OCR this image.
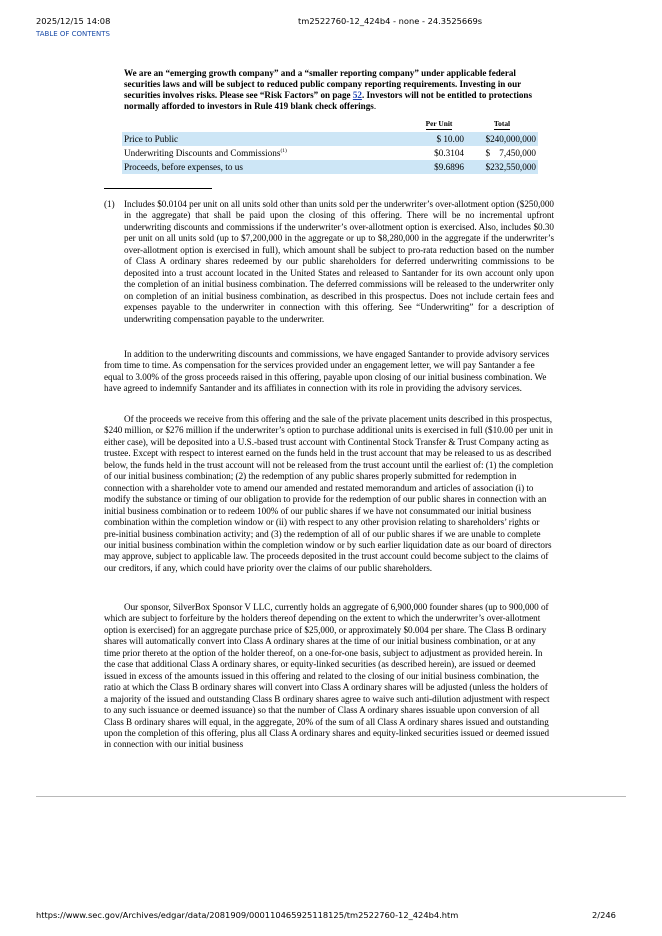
2025/12/15 14:08	tm2522760-12_424b4 - none - 24.3525669s
TABLE OF CONTENTS
We are an “emerging growth company” and a “smaller reporting company” under applicable federal securities laws and will be subject to reduced public company reporting requirements. Investing in our securities involves risks. Please see “Risk Factors” on page 52. Investors will not be entitled to protections normally afforded to investors in Rule 419 blank check offerings.
	Per Unit	Total
Price to Public	$ 10.00	$240,000,000
Underwriting Discounts and Commissions$^{(1)}$	$0.3104	$    7,450,000
Proceeds, before expenses, to us	$9.6896	$232,550,000
(1) Includes $0.0104 per unit on all units sold other than units sold per the underwriter’s over-allotment option ($250,000 in the aggregate) that shall be paid upon the closing of this offering. There will be no incremental upfront underwriting discounts and commissions if the underwriter’s over-allotment option is exercised. Also, includes $0.30 per unit on all units sold (up to $7,200,000 in the aggregate or up to $8,280,000 in the aggregate if the underwriter’s over-allotment option is exercised in full), which amount shall be subject to pro-rata reduction based on the number of Class A ordinary shares redeemed by our public shareholders for deferred underwriting commissions to be deposited into a trust account located in the United States and released to Santander for its own account only upon the completion of an initial business combination. The deferred commissions will be released to the underwriter only on completion of an initial business combination, as described in this prospectus. Does not include certain fees and expenses payable to the underwriter in connection with this offering. See “Underwriting” for a description of underwriting compensation payable to the underwriter.
In addition to the underwriting discounts and commissions, we have engaged Santander to provide advisory services from time to time. As compensation for the services provided under an engagement letter, we will pay Santander a fee equal to 3.00% of the gross proceeds raised in this offering, payable upon closing of our initial business combination. We have agreed to indemnify Santander and its affiliates in connection with its role in providing the advisory services.
Of the proceeds we receive from this offering and the sale of the private placement units described in this prospectus, $240 million, or $276 million if the underwriter’s option to purchase additional units is exercised in full ($10.00 per unit in either case), will be deposited into a U.S.-based trust account with Continental Stock Transfer & Trust Company acting as trustee. Except with respect to interest earned on the funds held in the trust account that may be released to us as described below, the funds held in the trust account will not be released from the trust account until the earliest of: (1) the completion of our initial business combination; (2) the redemption of any public shares properly submitted for redemption in connection with a shareholder vote to amend our amended and restated memorandum and articles of association (i) to modify the substance or timing of our obligation to provide for the redemption of our public shares in connection with an initial business combination or to redeem 100% of our public shares if we have not consummated our initial business combination within the completion window or (ii) with respect to any other provision relating to shareholders’ rights or pre-initial business combination activity; and (3) the redemption of all of our public shares if we are unable to complete our initial business combination within the completion window or by such earlier liquidation date as our board of directors may approve, subject to applicable law. The proceeds deposited in the trust account could become subject to the claims of our creditors, if any, which could have priority over the claims of our public shareholders.
Our sponsor, SilverBox Sponsor V LLC, currently holds an aggregate of 6,900,000 founder shares (up to 900,000 of which are subject to forfeiture by the holders thereof depending on the extent to which the underwriter’s over-allotment option is exercised) for an aggregate purchase price of $25,000, or approximately $0.004 per share. The Class B ordinary shares will automatically convert into Class A ordinary shares at the time of our initial business combination, or at any time prior thereto at the option of the holder thereof, on a one-for-one basis, subject to adjustment as provided herein. In the case that additional Class A ordinary shares, or equity-linked securities (as described herein), are issued or deemed issued in excess of the amounts issued in this offering and related to the closing of our initial business combination, the ratio at which the Class B ordinary shares will convert into Class A ordinary shares will be adjusted (unless the holders of a majority of the issued and outstanding Class B ordinary shares agree to waive such anti-dilution adjustment with respect to any such issuance or deemed issuance) so that the number of Class A ordinary shares issuable upon conversion of all Class B ordinary shares will equal, in the aggregate, 20% of the sum of all Class A ordinary shares issued and outstanding upon the completion of this offering, plus all Class A ordinary shares and equity-linked securities issued or deemed issued in connection with our initial business
https://www.sec.gov/Archives/edgar/data/2081909/000110465925118125/tm2522760-12_424b4.htm	2/246
